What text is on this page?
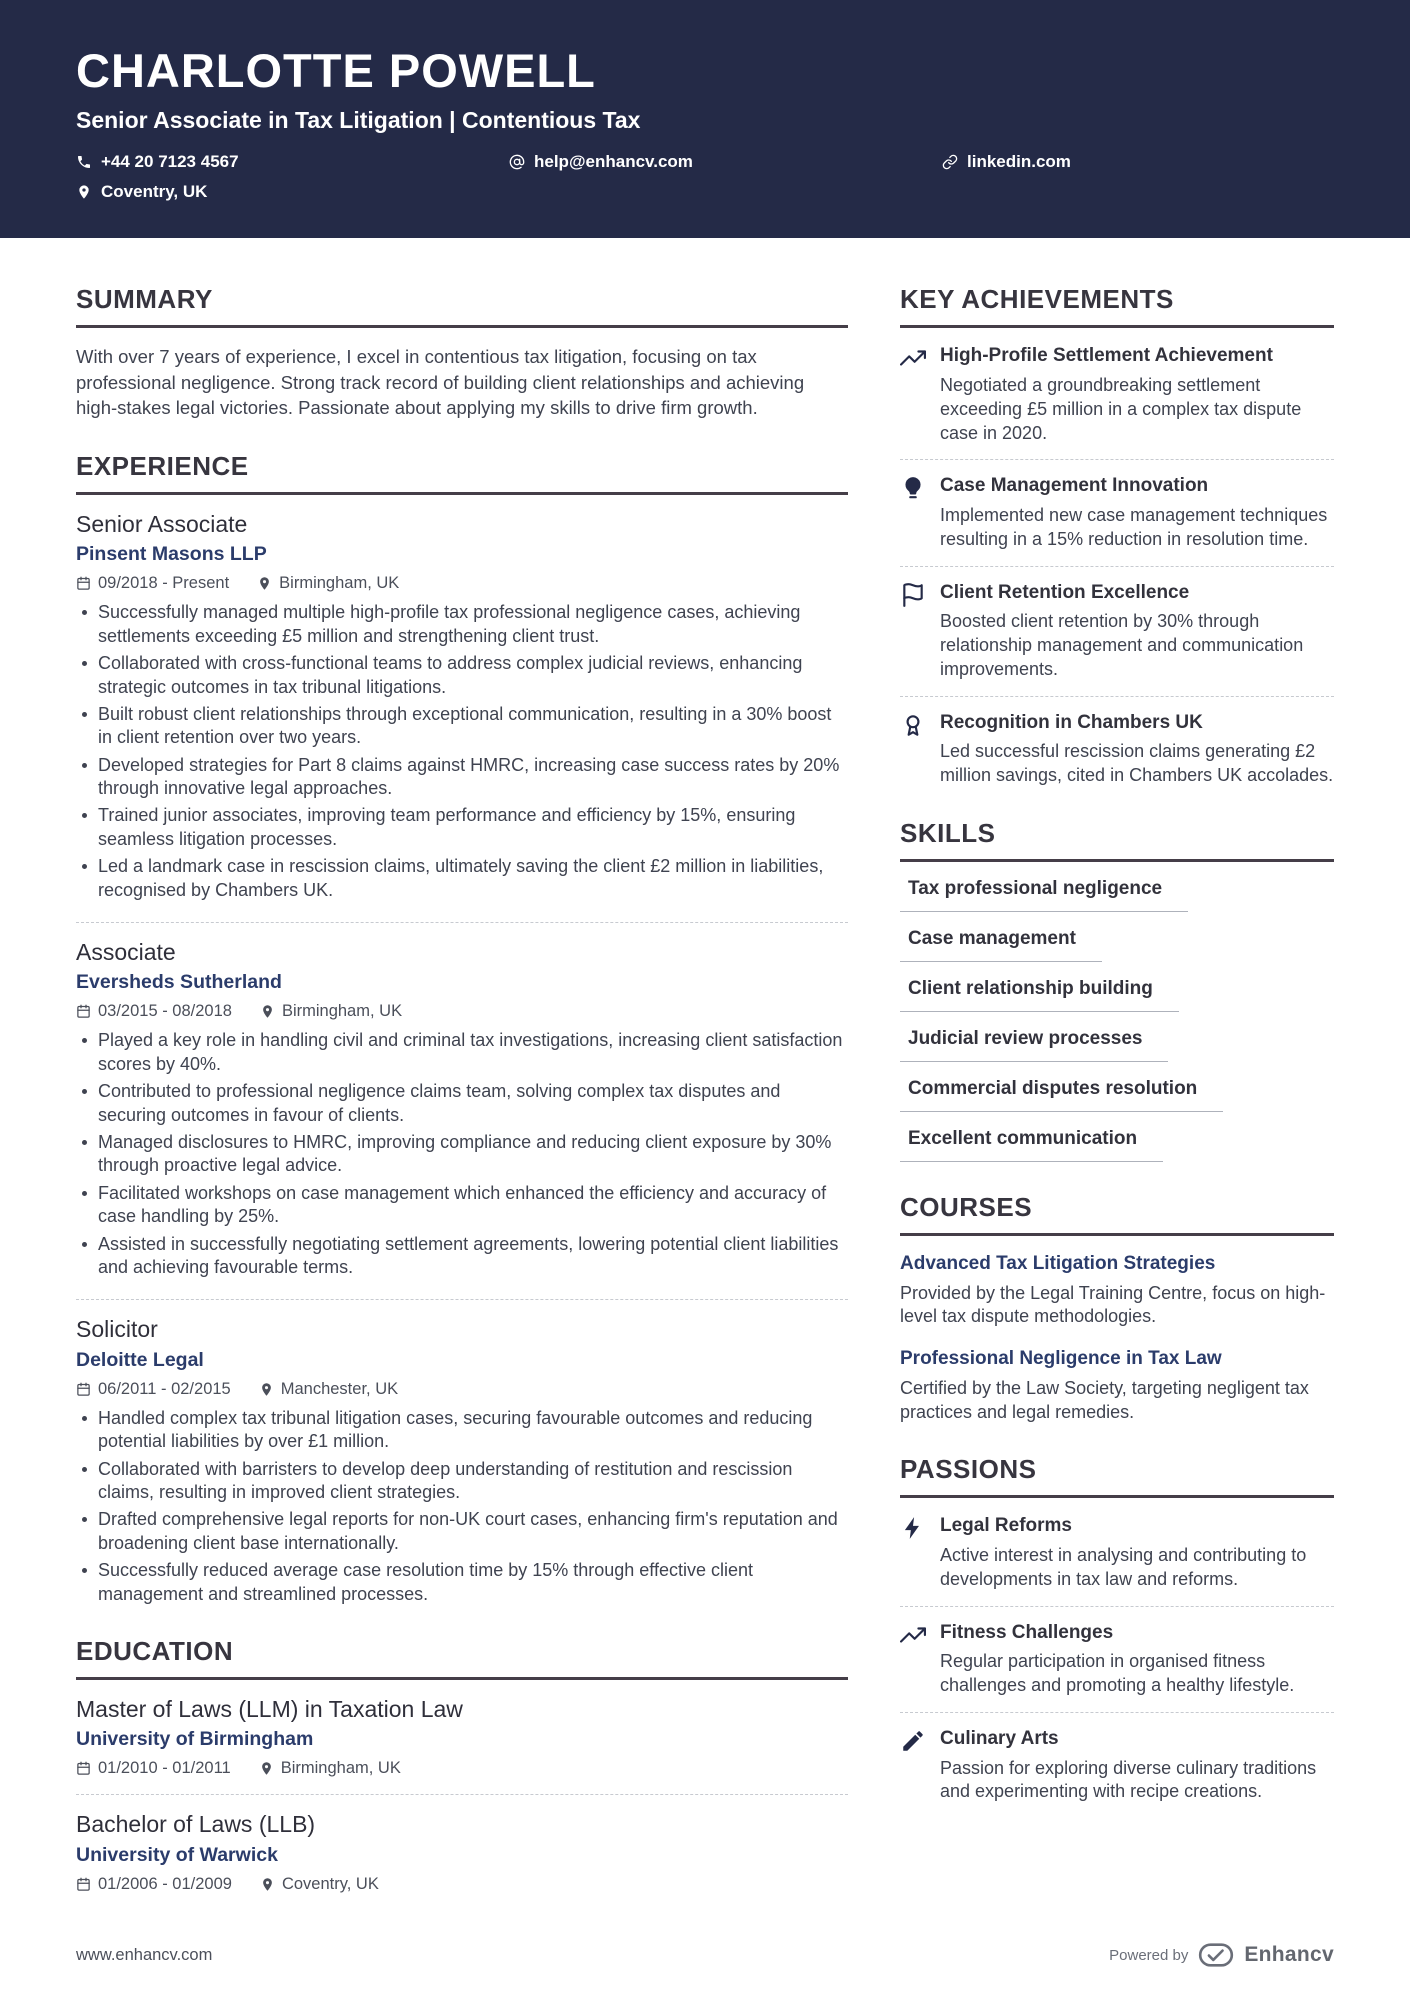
CHARLOTTE POWELL
Senior Associate in Tax Litigation | Contentious Tax
+44 20 7123 4567	help@enhancv.com	linkedin.com
Coventry, UK
SUMMARY

With over 7 years of experience, I excel in contentious tax litigation, focusing on tax professional negligence. Strong track record of building client relationships and achieving high-stakes legal victories. Passionate about applying my skills to drive firm growth.

EXPERIENCE
Senior Associate
Pinsent Masons LLP
09/2018 - Present	Birmingham, UK
Successfully managed multiple high-profile tax professional negligence cases, achieving settlements exceeding £5 million and strengthening client trust.
Collaborated with cross-functional teams to address complex judicial reviews, enhancing strategic outcomes in tax tribunal litigations.
Built robust client relationships through exceptional communication, resulting in a 30% boost in client retention over two years.
Developed strategies for Part 8 claims against HMRC, increasing case success rates by 20% through innovative legal approaches.
Trained junior associates, improving team performance and efficiency by 15%, ensuring seamless litigation processes.
Led a landmark case in rescission claims, ultimately saving the client £2 million in liabilities, recognised by Chambers UK.
Associate
Eversheds Sutherland
03/2015 - 08/2018	Birmingham, UK
Played a key role in handling civil and criminal tax investigations, increasing client satisfaction scores by 40%.
Contributed to professional negligence claims team, solving complex tax disputes and securing outcomes in favour of clients.
Managed disclosures to HMRC, improving compliance and reducing client exposure by 30% through proactive legal advice.
Facilitated workshops on case management which enhanced the efficiency and accuracy of case handling by 25%.
Assisted in successfully negotiating settlement agreements, lowering potential client liabilities and achieving favourable terms.
Solicitor
Deloitte Legal
06/2011 - 02/2015	Manchester, UK
Handled complex tax tribunal litigation cases, securing favourable outcomes and reducing potential liabilities by over £1 million.
Collaborated with barristers to develop deep understanding of restitution and rescission claims, resulting in improved client strategies.
Drafted comprehensive legal reports for non-UK court cases, enhancing firm's reputation and broadening client base internationally.
Successfully reduced average case resolution time by 15% through effective client management and streamlined processes.
EDUCATION
Master of Laws (LLM) in Taxation Law
University of Birmingham
01/2010 - 01/2011	Birmingham, UK
Bachelor of Laws (LLB)
University of Warwick
01/2006 - 01/2009	Coventry, UK
KEY ACHIEVEMENTS
High-Profile Settlement Achievement
Negotiated a groundbreaking settlement exceeding £5 million in a complex tax dispute case in 2020.
Case Management Innovation
Implemented new case management techniques resulting in a 15% reduction in resolution time.
Client Retention Excellence
Boosted client retention by 30% through relationship management and communication improvements.
Recognition in Chambers UK
Led successful rescission claims generating £2 million savings, cited in Chambers UK accolades.
SKILLS
Tax professional negligence
Case management
Client relationship building
Judicial review processes
Commercial disputes resolution
Excellent communication
COURSES
Advanced Tax Litigation Strategies
Provided by the Legal Training Centre, focus on high-level tax dispute methodologies.
Professional Negligence in Tax Law
Certified by the Law Society, targeting negligent tax practices and legal remedies.
PASSIONS
Legal Reforms
Active interest in analysing and contributing to developments in tax law and reforms.
Fitness Challenges
Regular participation in organised fitness challenges and promoting a healthy lifestyle.
Culinary Arts
Passion for exploring diverse culinary traditions and experimenting with recipe creations.
www.enhancv.com	Powered by	Enhancv
